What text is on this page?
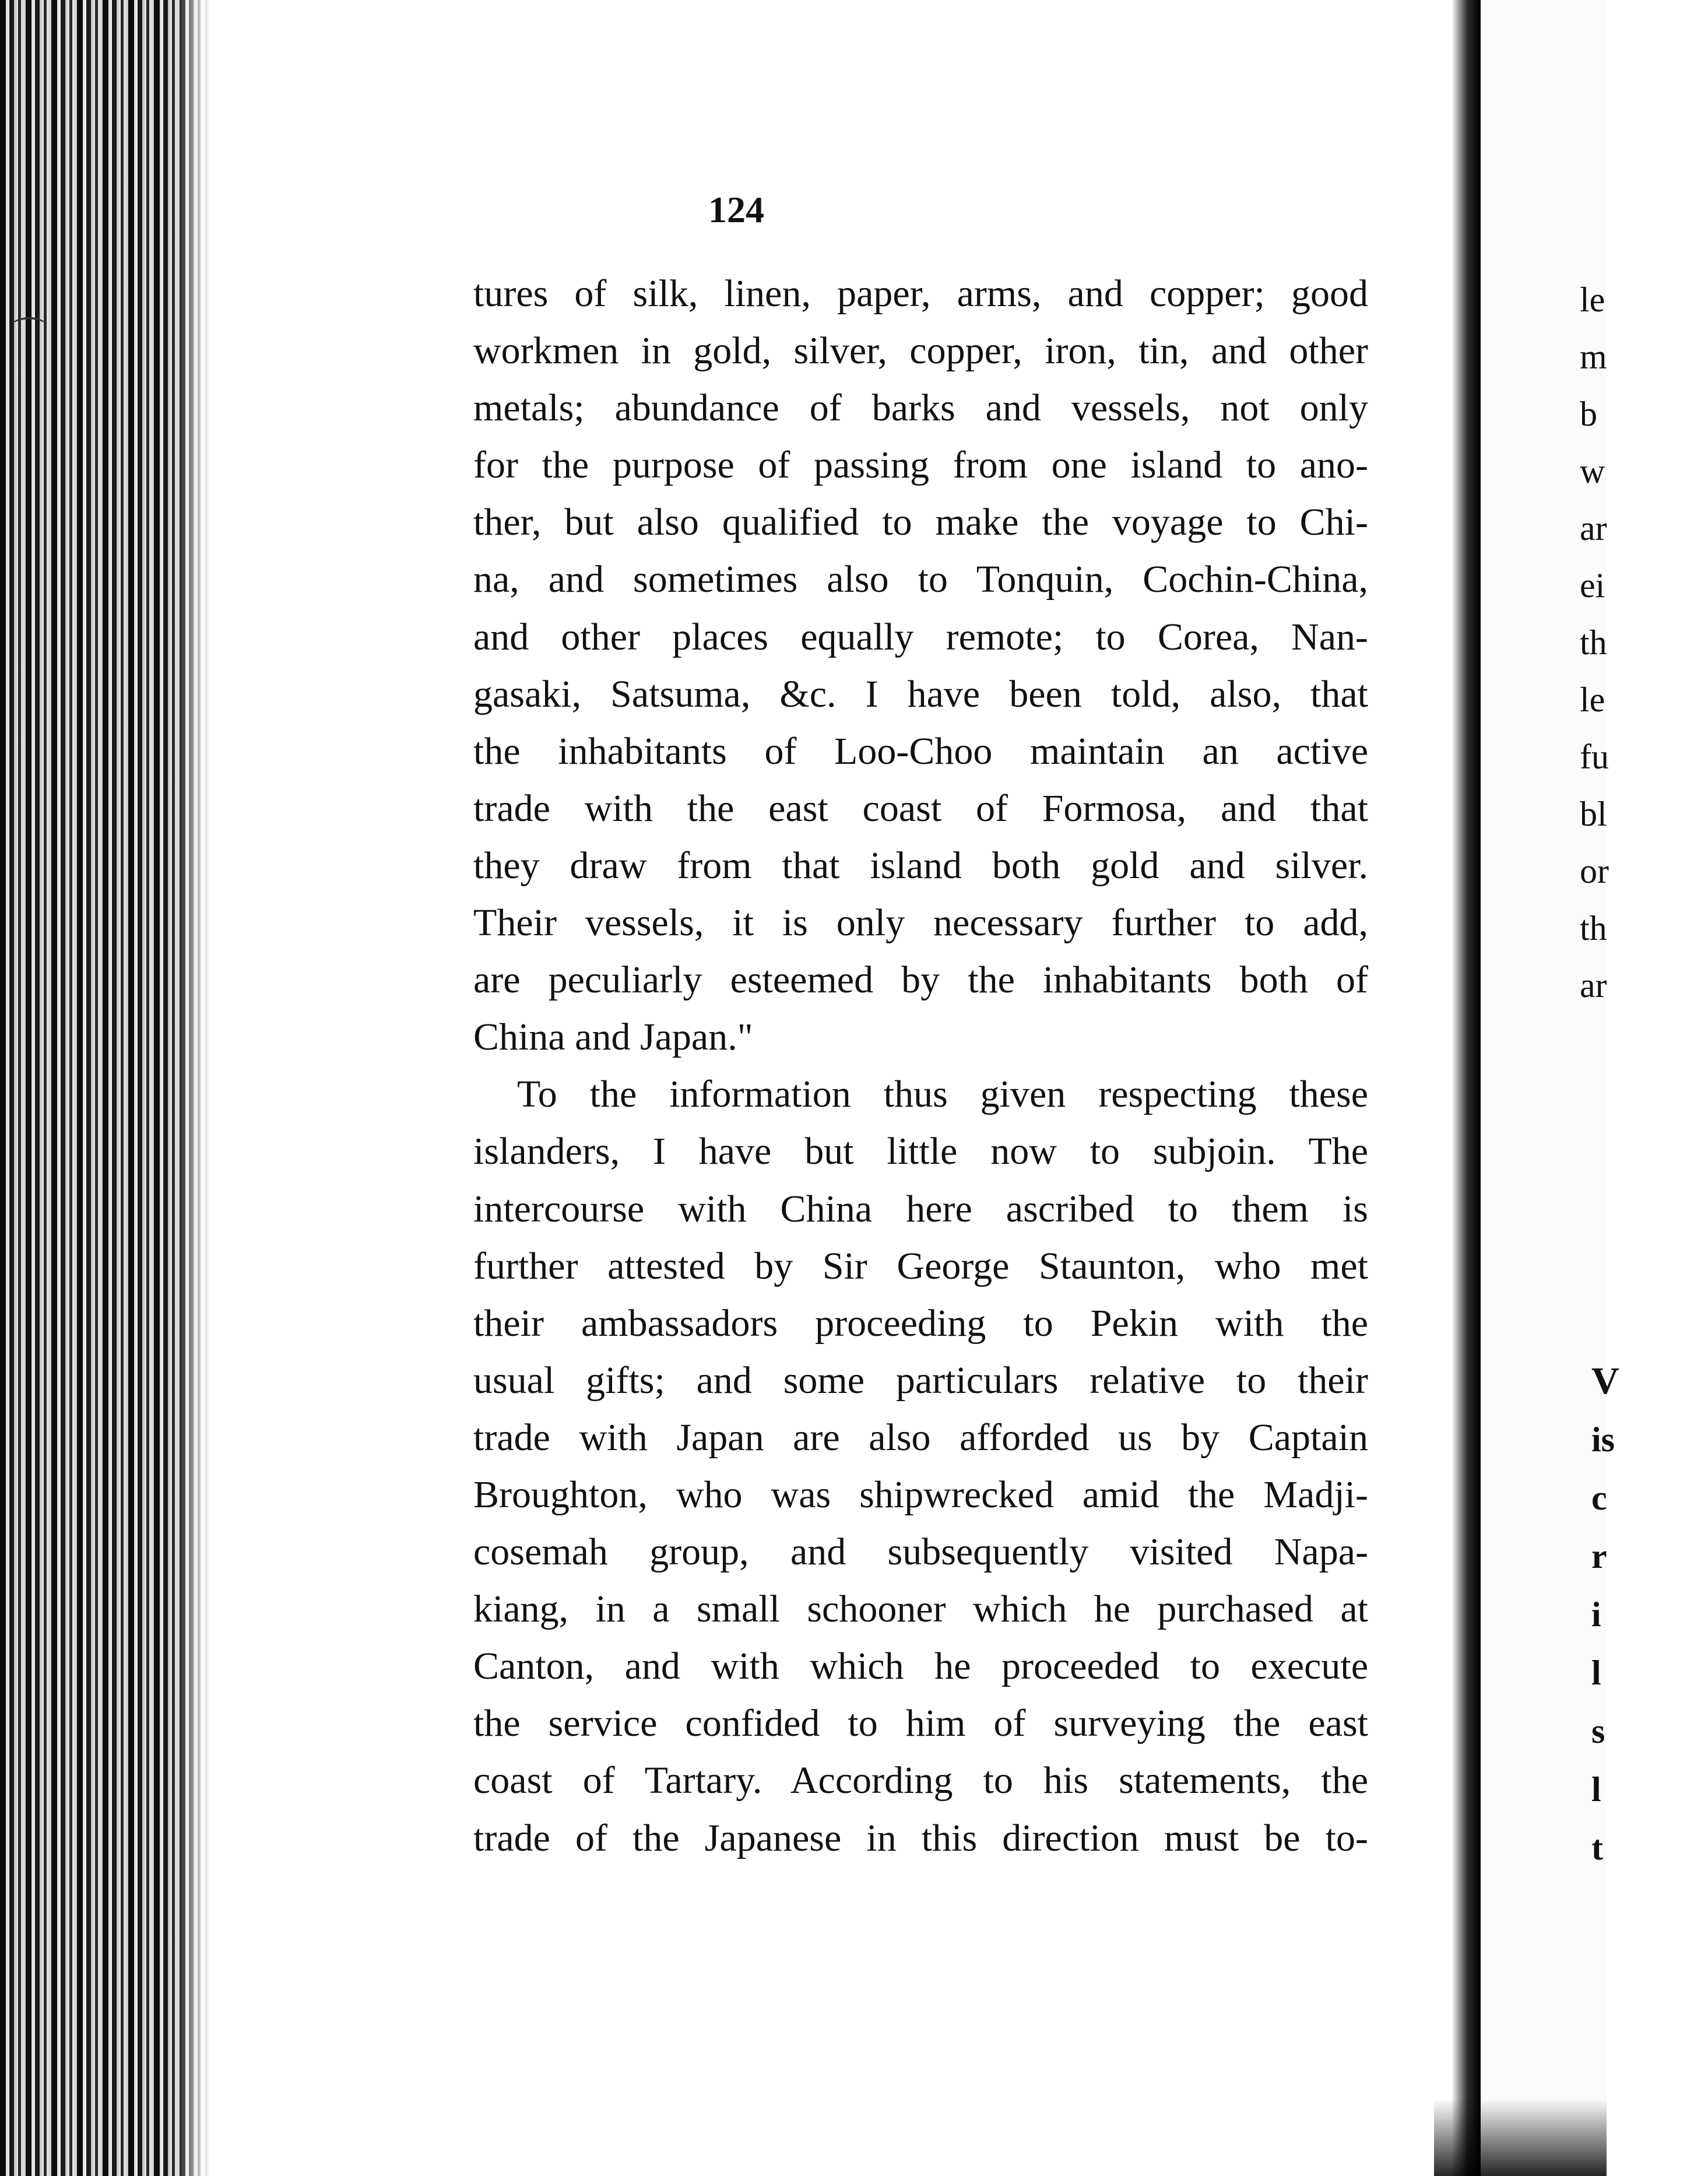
⌒
le
m
b
w
ar
ei
th
le
fu
bl
or
th
ar
V
is
c
r
i
l
s
l
t
124
tures of silk, linen, paper, arms, and copper; good
workmen in gold, silver, copper, iron, tin, and other
metals; abundance of barks and vessels, not only
for the purpose of passing from one island to ano-
ther, but also qualified to make the voyage to Chi-
na, and sometimes also to Tonquin, Cochin-China,
and other places equally remote; to Corea, Nan-
gasaki, Satsuma, &c. I have been told, also, that
the inhabitants of Loo-Choo maintain an active
trade with the east coast of Formosa, and that
they draw from that island both gold and silver.
Their vessels, it is only necessary further to add,
are peculiarly esteemed by the inhabitants both of
China and Japan."
To the information thus given respecting these
islanders, I have but little now to subjoin. The
intercourse with China here ascribed to them is
further attested by Sir George Staunton, who met
their ambassadors proceeding to Pekin with the
usual gifts; and some particulars relative to their
trade with Japan are also afforded us by Captain
Broughton, who was shipwrecked amid the Madji-
cosemah group, and subsequently visited Napa-
kiang, in a small schooner which he purchased at
Canton, and with which he proceeded to execute
the service confided to him of surveying the east
coast of Tartary. According to his statements, the
trade of the Japanese in this direction must be to-
